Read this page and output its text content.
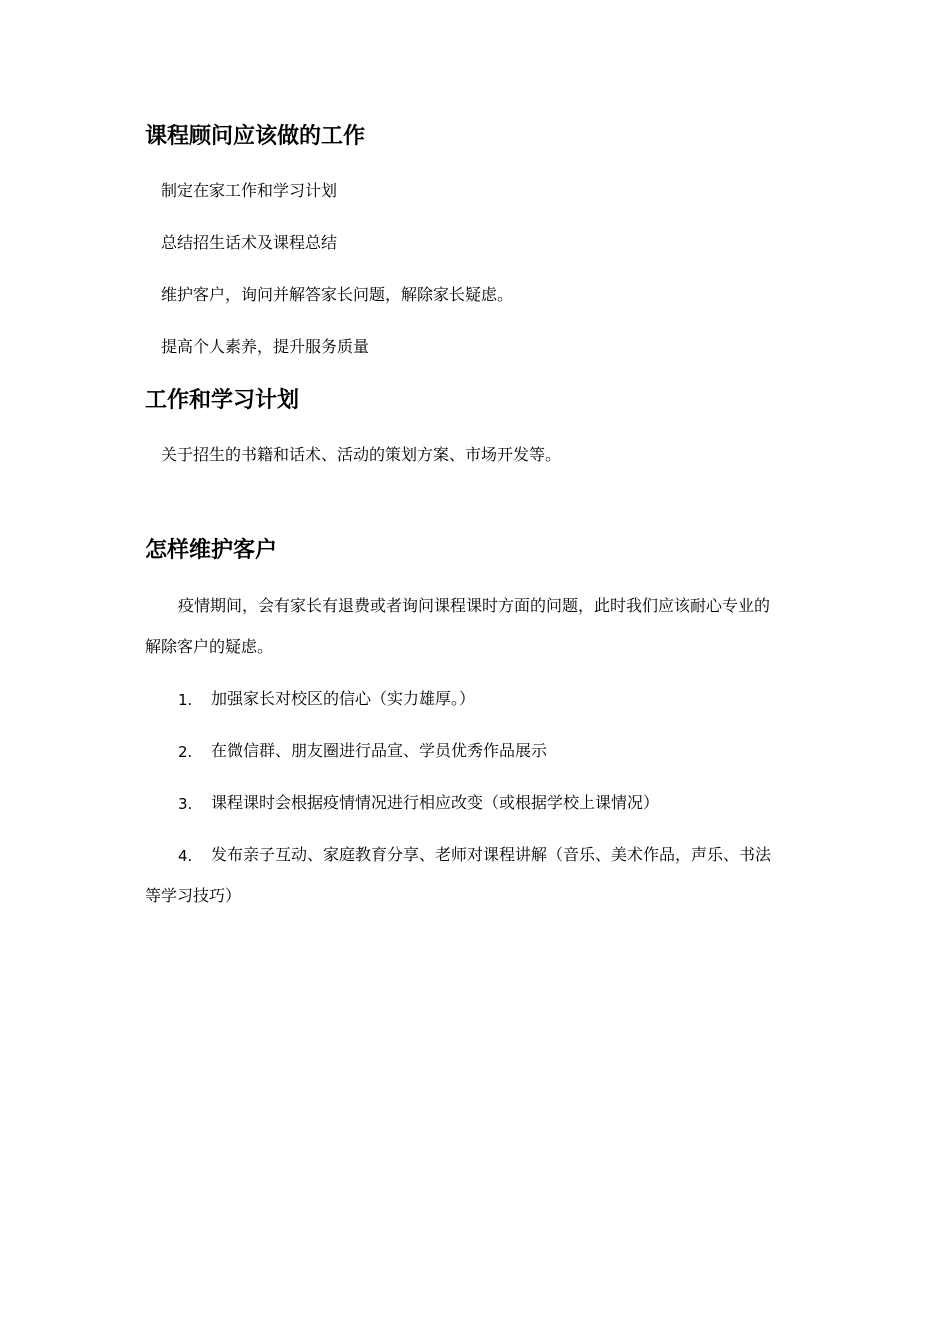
课程顾问应该做的工作
制定在家工作和学习计划
总结招生话术及课程总结
维护客户，询问并解答家长问题，解除家长疑虑。
提高个人素养，提升服务质量
工作和学习计划
关于招生的书籍和话术、活动的策划方案、市场开发等。
怎样维护客户
疫情期间，会有家长有退费或者询问课程课时方面的问题，此时我们应该耐心专业的
解除客户的疑虑。
1. 加强家长对校区的信心（实力雄厚。）
2. 在微信群、朋友圈进行品宣、学员优秀作品展示
3. 课程课时会根据疫情情况进行相应改变（或根据学校上课情况）
4. 发布亲子互动、家庭教育分享、老师对课程讲解（音乐、美术作品，声乐、书法
等学习技巧）
